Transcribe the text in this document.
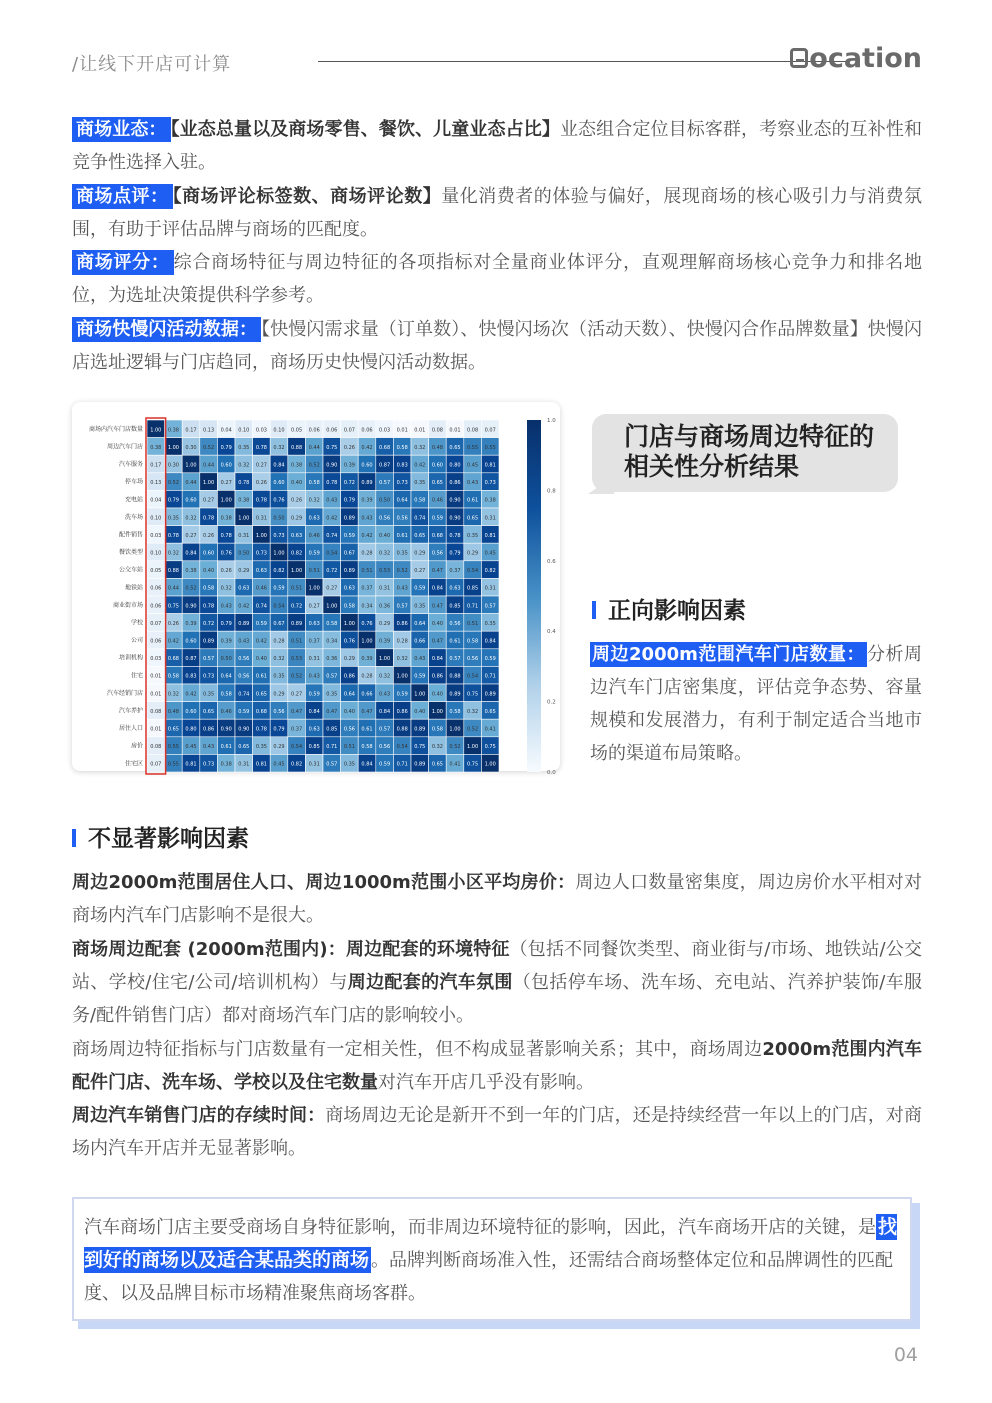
/让线下开店可计算	ocation
商场业态： 【业态总量以及商场零售、餐饮、儿童业态占比】业态组合定位目标客群，考察业态的互补性和竞争性选择入驻。
商场点评： 【商场评论标签数、商场评论数】量化消费者的体验与偏好，展现商场的核心吸引力与消费氛围，有助于评估品牌与商场的匹配度。
商场评分： 综合商场特征与周边特征的各项指标对全量商业体评分，直观理解商场核心竞争力和排名地位，为选址决策提供科学参考。
商场快慢闪活动数据： 【快慢闪需求量（订单数）、快慢闪场次（活动天数）、快慢闪合作品牌数量】快慢闪店选址逻辑与门店趋同，商场历史快慢闪活动数据。
商场内汽车门店数量 1.00 0.38 0.17 0.13 0.04 0.10 0.03 0.10 0.05 0.06 0.06 0.07 0.06 0.03 0.01 0.01 0.08 0.01 0.08 0.07
周边汽车门店 0.38 1.00 0.30 0.52 0.79 0.35 0.78 0.32 0.88 0.44 0.75 0.26 0.42 0.68 0.58 0.32 0.48 0.65 0.55 0.55
汽车服务 0.17 0.30 1.00 0.44 0.60 0.32 0.27 0.84 0.38 0.52 0.90 0.39 0.60 0.87 0.83 0.42 0.60 0.80 0.45 0.81
停车场 0.13 0.52 0.44 1.00 0.27 0.78 0.26 0.60 0.40 0.58 0.78 0.72 0.89 0.57 0.73 0.35 0.65 0.86 0.43 0.73
充电站 0.04 0.79 0.60 0.27 1.00 0.38 0.78 0.76 0.26 0.32 0.43 0.79 0.39 0.50 0.64 0.58 0.46 0.90 0.61 0.38
洗车场 0.10 0.35 0.32 0.78 0.38 1.00 0.31 0.50 0.29 0.63 0.42 0.89 0.43 0.56 0.56 0.74 0.59 0.90 0.65 0.31
配件销售 0.03 0.78 0.27 0.26 0.78 0.31 1.00 0.73 0.63 0.46 0.74 0.59 0.42 0.40 0.61 0.65 0.68 0.78 0.35 0.81
餐饮类型 0.10 0.32 0.84 0.60 0.76 0.50 0.73 1.00 0.82 0.59 0.54 0.67 0.28 0.32 0.35 0.29 0.56 0.79 0.29 0.45
公交车站 0.05 0.88 0.38 0.40 0.26 0.29 0.63 0.82 1.00 0.51 0.72 0.89 0.51 0.53 0.52 0.27 0.47 0.37 0.54 0.82
地铁站 0.06 0.44 0.52 0.58 0.32 0.63 0.46 0.59 0.51 1.00 0.27 0.63 0.37 0.31 0.43 0.59 0.84 0.63 0.85 0.31
商业街市场 0.06 0.75 0.90 0.78 0.43 0.42 0.74 0.54 0.72 0.27 1.00 0.58 0.34 0.36 0.57 0.35 0.47 0.85 0.71 0.57
学校 0.07 0.26 0.39 0.72 0.79 0.89 0.59 0.67 0.89 0.63 0.58 1.00 0.76 0.29 0.86 0.64 0.40 0.56 0.51 0.35
公司 0.06 0.42 0.60 0.89 0.39 0.43 0.42 0.28 0.51 0.37 0.34 0.76 1.00 0.39 0.28 0.66 0.47 0.61 0.58 0.84
培训机构 0.03 0.68 0.87 0.57 0.50 0.56 0.40 0.32 0.53 0.31 0.36 0.29 0.39 1.00 0.32 0.43 0.84 0.57 0.56 0.59
住宅 0.01 0.58 0.83 0.73 0.64 0.56 0.61 0.35 0.52 0.43 0.57 0.86 0.28 0.32 1.00 0.59 0.86 0.88 0.54 0.71
汽车经销门店 0.01 0.32 0.42 0.35 0.58 0.74 0.65 0.29 0.27 0.59 0.35 0.64 0.66 0.43 0.59 1.00 0.40 0.89 0.75 0.89
汽车养护 0.08 0.48 0.60 0.65 0.46 0.59 0.68 0.56 0.47 0.84 0.47 0.40 0.47 0.84 0.86 0.40 1.00 0.58 0.32 0.65
居住人口 0.01 0.65 0.80 0.86 0.90 0.90 0.78 0.79 0.37 0.63 0.85 0.56 0.61 0.57 0.88 0.89 0.58 1.00 0.52 0.41
房价 0.08 0.55 0.45 0.43 0.61 0.65 0.35 0.29 0.54 0.85 0.71 0.51 0.58 0.56 0.54 0.75 0.32 0.52 1.00 0.75
住宅区 0.07 0.55 0.81 0.73 0.38 0.31 0.81 0.45 0.82 0.31 0.57 0.35 0.84 0.59 0.71 0.89 0.65 0.41 0.75 1.00
1.0
0.8
0.6
0.4
0.2
0.0
门店与商场周边特征的
相关性分析结果
正向影响因素
周边2000m范围汽车门店数量： 分析周边汽车门店密集度，评估竞争态势、容量规模和发展潜力，有利于制定适合当地市场的渠道布局策略。
不显著影响因素
周边2000m范围居住人口、周边1000m范围小区平均房价：周边人口数量密集度，周边房价水平相对对商场内汽车门店影响不是很大。
商场周边配套 (2000m范围内)：周边配套的环境特征（包括不同餐饮类型、商业街与/市场、地铁站/公交站、学校/住宅/公司/培训机构）与周边配套的汽车氛围（包括停车场、洗车场、充电站、汽养护装饰/车服务/配件销售门店）都对商场汽车门店的影响较小。
商场周边特征指标与门店数量有一定相关性，但不构成显著影响关系；其中，商场周边2000m范围内汽车配件门店、洗车场、学校以及住宅数量对汽车开店几乎没有影响。
周边汽车销售门店的存续时间：商场周边无论是新开不到一年的门店，还是持续经营一年以上的门店，对商场内汽车开店并无显著影响。
汽车商场门店主要受商场自身特征影响，而非周边环境特征的影响，因此，汽车商场开店的关键，是 找到好的商场以及适合某品类的商场 。品牌判断商场准入性，还需结合商场整体定位和品牌调性的匹配度、以及品牌目标市场精准聚焦商场客群。
04
